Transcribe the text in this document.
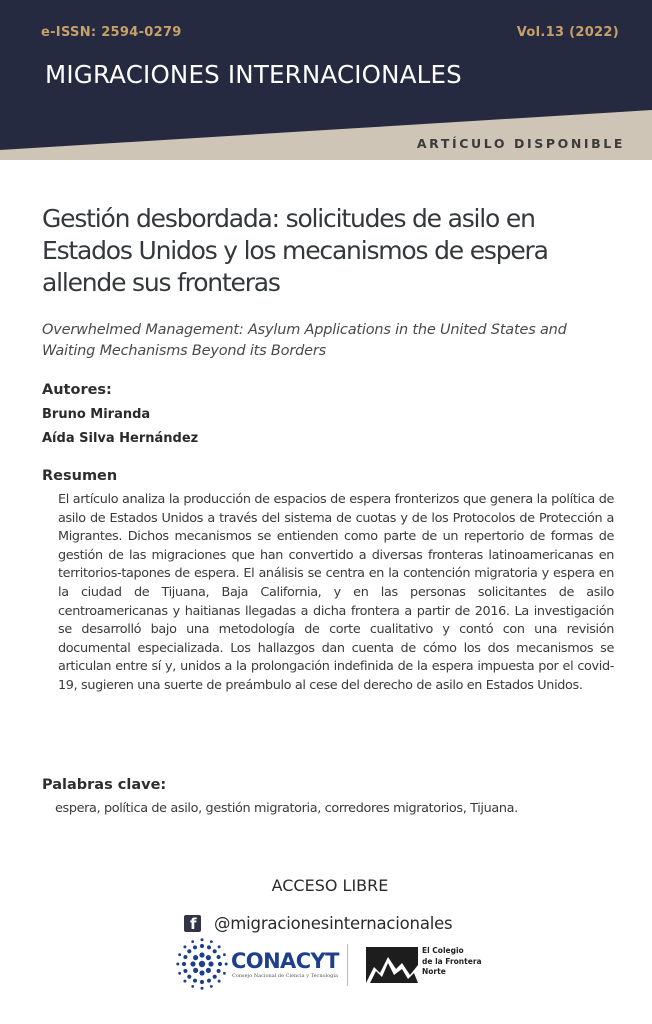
e-ISSN: 2594-0279	Vol.13 (2022)
MIGRACIONES INTERNACIONALES
ARTÍCULO DISPONIBLE
Gestión desbordada: solicitudes de asilo en Estados Unidos y los mecanismos de espera allende sus fronteras
Overwhelmed Management: Asylum Applications in the United States and Waiting Mechanisms Beyond its Borders
Autores:
Bruno Miranda
Aída Silva Hernández
Resumen

El artículo analiza la producción de espacios de espera fronterizos que genera la política de asilo de Estados Unidos a través del sistema de cuotas y de los Protocolos de Protección a Migrantes. Dichos mecanismos se entienden como parte de un repertorio de formas de gestión de las migraciones que han convertido a diversas fronteras latinoamericanas en territorios-tapones de espera. El análisis se centra en la contención migratoria y espera en la ciudad de Tijuana, Baja California, y en las personas solicitantes de asilo centroamericanas y haitianas llegadas a dicha frontera a partir de 2016. La investigación se desarrolló bajo una metodología de corte cualitativo y contó con una revisión documental especializada. Los hallazgos dan cuenta de cómo los dos mecanismos se articulan entre sí y, unidos a la prolongación indefinida de la espera impuesta por el covid-19, sugieren una suerte de preámbulo al cese del derecho de asilo en Estados Unidos.

Palabras clave:
espera, política de asilo, gestión migratoria, corredores migratorios, Tijuana.
ACCESO LIBRE
f @migracionesinternacionales
CONACYT
Consejo Nacional de Ciencia y Tecnología
El Colegio
de la Frontera
Norte
